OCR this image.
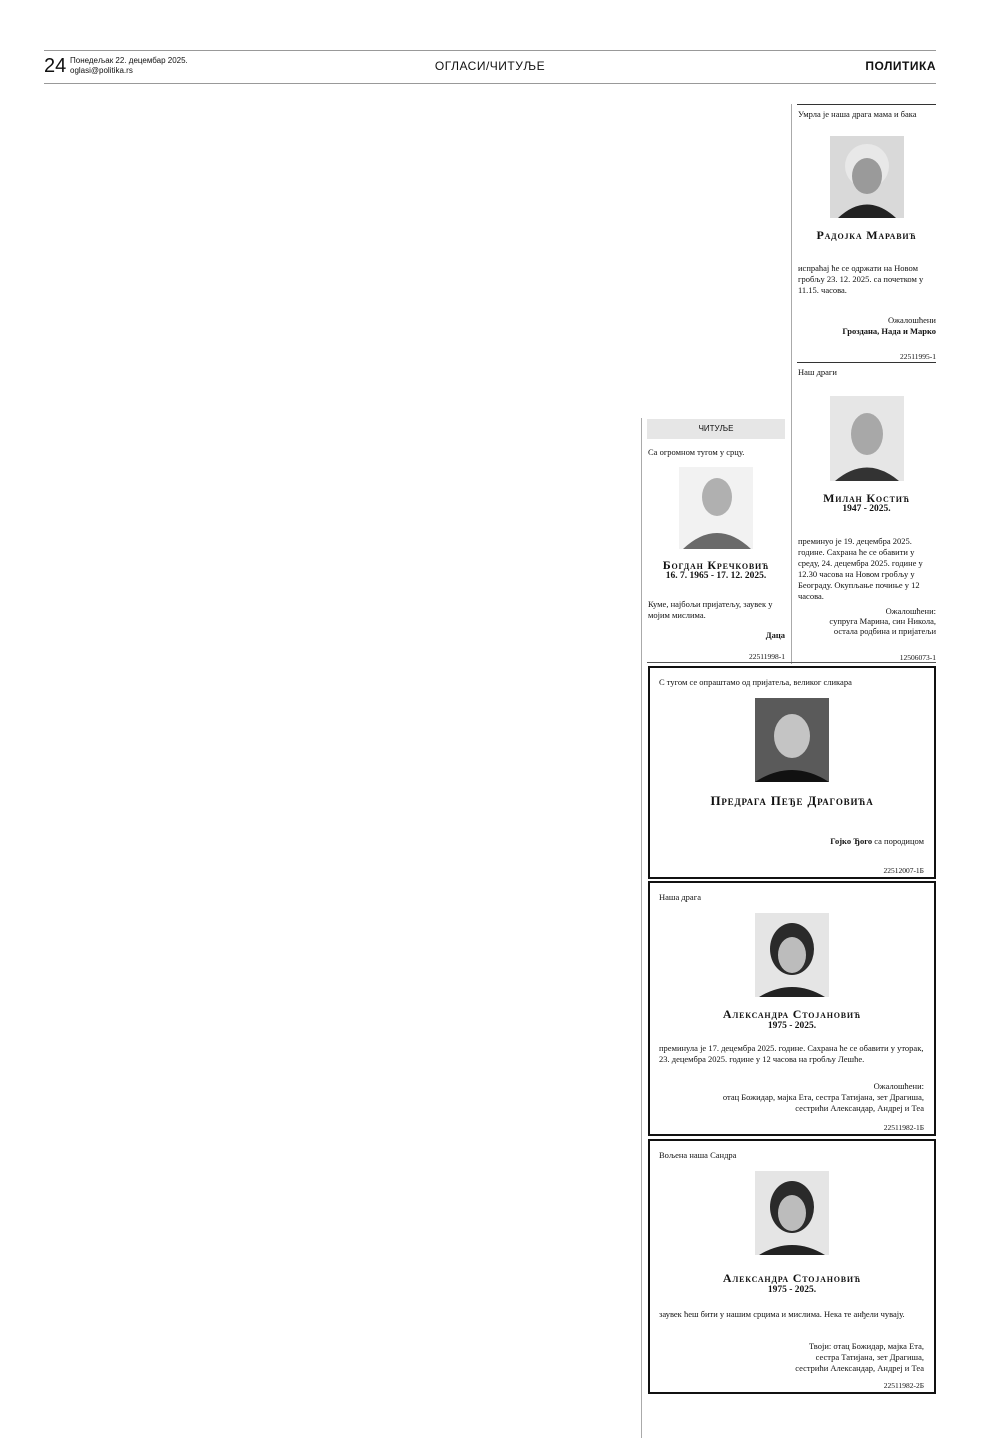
24 Понедељак 22. децембар 2025.
oglasi@politika.rs	ОГЛАСИ/ЧИТУЉЕ	ПОЛИТИКА
Умрла је наша драга мама и бака
Радојка Маравић
испраћај ће се одржати на Новом гробљу 23. 12. 2025. са почетком у 11.15. часова.
Ожалошћени
Гроздана, Нада и Марко
22511995-1
Наш драги
Милан Костић
1947 - 2025.
преминуо је 19. децембра 2025. године. Сахрана ће се обавити у среду, 24. децембра 2025. године у 12.30 часова на Новом гробљу у Београду. Окупљање почиње у 12 часова.
Ожалошћени:
супруга Марина, син Никола,
остала родбина и пријатељи
12506073-1
ЧИТУЉЕ
Са огромном тугом у срцу.
Богдан Кречковић
16. 7. 1965 - 17. 12. 2025.
Куме, најбољи пријатељу, заувек у мојим мислима.
Даца
22511998-1
С тугом се опраштамо од пријатеља, великог сликара
Предрага Пеђе Драговића
Гојко Ђого са породицом
22512007-1Б
Наша драга
Александра Стојановић
1975 - 2025.
преминула је 17. децембра 2025. године. Сахрана ће се обавити у уторак, 23. децембра 2025. године у 12 часова на гробљу Лешће.
Ожалошћени:
отац Божидар, мајка Ета, сестра Татијана, зет Драгиша,
сестрићи Александар, Андреј и Теа
22511982-1Б
Вољена наша Сандра
Александра Стојановић
1975 - 2025.
заувек ћеш бити у нашим срцима и мислима. Нека те анђели чувају.
Твоји: отац Божидар, мајка Ета,
сестра Татијана, зет Драгиша,
сестрићи Александар, Андреј и Теа
22511982-2Б
